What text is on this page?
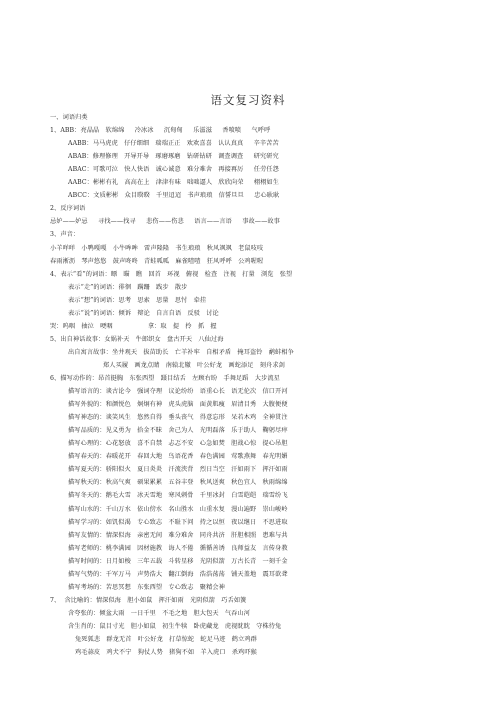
语文复习资料
一、词语归类
1、ABB：亮晶晶   软绵绵     冷冰冰     沉甸甸     乐滋滋     香喷喷     气呼呼
AABB：马马虎虎   仔仔细细   瑞瑞正正   欢欢喜喜   认认真真     辛辛苦苦
ABAB：修理修理   开导开导   琢磨琢磨   钻研钻研   调查调查     研究研究
ABAC：可歌可泣   快人快语   诚心诚意   难分难舍   再接再厉     任劳任怨
AABC：彬彬有礼   高高在上   津津有味   咄咄逼人   欣欣向荣     栩栩如生
ABCC：文质彬彬   众目睽睽   千里迢迢   书声琅琅   信誓旦旦     忠心耿耿
2、反序词语
忌妒——妒忌     寻找——找寻     悲伤——伤悲     语言——言语     事故——故事
3、声音：
小羊咩咩   小鸭嘎嘎   小牛哞哞   雷声隆隆   书生琅琅   秋风飒飒   老鼠吱吱
春雨淅沥   琴声悠悠   鼓声咚咚   青蛙呱呱   麻雀喳喳   狂风呼呼   公鸡喔喔
4、表示“看”的词语：瞟   瞄   瞧   回首   环视   俯视   检查   注视   打量   浏览   张望
表示“走”的词语：徘徊   蹒跚   践步   散步
表示“想”的词语：思考   思索   思量   思忖   牵挂
表示“说”的词语：倾诉   辩论   自言自语   反驳   讨论
哭：呜咽   抽泣   哽咽                 拿：取   提   拎   抓   握
5、出自神话故事：女娲补天   牛郎织女   盘古开天   八仙过海
出自寓言故事：坐井观天   拔苗助长   亡羊补牢   自相矛盾   掩耳盗铃   鹬蚌相争
郑人买履   画龙点睛   南辕北辙   叶公好龙   画蛇添足   刻舟求剑
6、描写动作的：昂首挺胸   东张西望   蹑目结舌   左顾右盼   手舞足蹈   大步流星
描写语言的：谈古论今   强词夺理   议论纷纷   语重心长   语无伦次   信口开河
描写外貌的：和颜悦色   炯炯有神   虎头虎脑   面黄肌瘦   眉清目秀   大腹便便
描写神态的：谈笑风生   悠然自得   垂头丧气   得意忘形   呆若木鸡   全神贯注
描写品质的：见义勇为   拾金不昧   舍己为人   光明磊落   乐于助人   鞠躬尽瘁
描写心理的：心花怒放   喜不自禁   忐忑不安   心急如焚   胆战心惊   提心吊胆
描写春天的：春暖花开   春回大地   鸟语花香   春色满园   莺歌燕舞   春光明媚
描写夏天的：骄阳似火   夏日炎炎   汗流浃背   烈日当空   汗如雨下   挥汗如雨
描写秋天的：秋高气爽   硕果累累   五谷丰登   秋风送爽   秋色宜人   秋雨绵绵
描写冬天的：鹅毛大雪   冰天雪地   寒风刺骨   千里冰封   白雪皑皑   瑞雪纷飞
描写山水的：千山万水   依山傍水   名山胜水   山重水复   漫山遍野   崇山峻岭
描写学习的：如饥似渴   专心致志   不耻下问   持之以恒   夜以继日   不思进取
描写友情的：情深似海   亲密无间   难分难舍   同舟共济   肝胆相照   患难与共
描写老师的：桃李满园   因材施教   诲人不倦   循循善诱   良师益友   言传身教
描写时间的：日月如梭   三年五载   斗转星移   光阴似箭   万古长青   一刻千金
描写气势的：千军万马   声势浩大   翻江倒海   浩浩荡荡   铺天盖地   震耳欲聋
描写考场的：苦思冥想   东张西望   专心致志   聚精会神
7、  含比喻的：情深似海   胆小如鼠   挥汗如雨   光阴似箭   巧舌如簧
含夸张的：倾盆大雨   一日千里   不毛之地   胆大包天   气吞山河
含生肖的：鼠目寸光   胆小如鼠   初生牛犊   卧虎藏龙   虎视眈眈   守株待兔
兔死狐悲   群龙无首   叶公好龙   打草惊蛇   蛇足马迹   鹤立鸡群
鸡毛蒜皮   鸡犬不宁   狗仗人势   猪狗不如   羊入虎口   杀鸡吓猴
